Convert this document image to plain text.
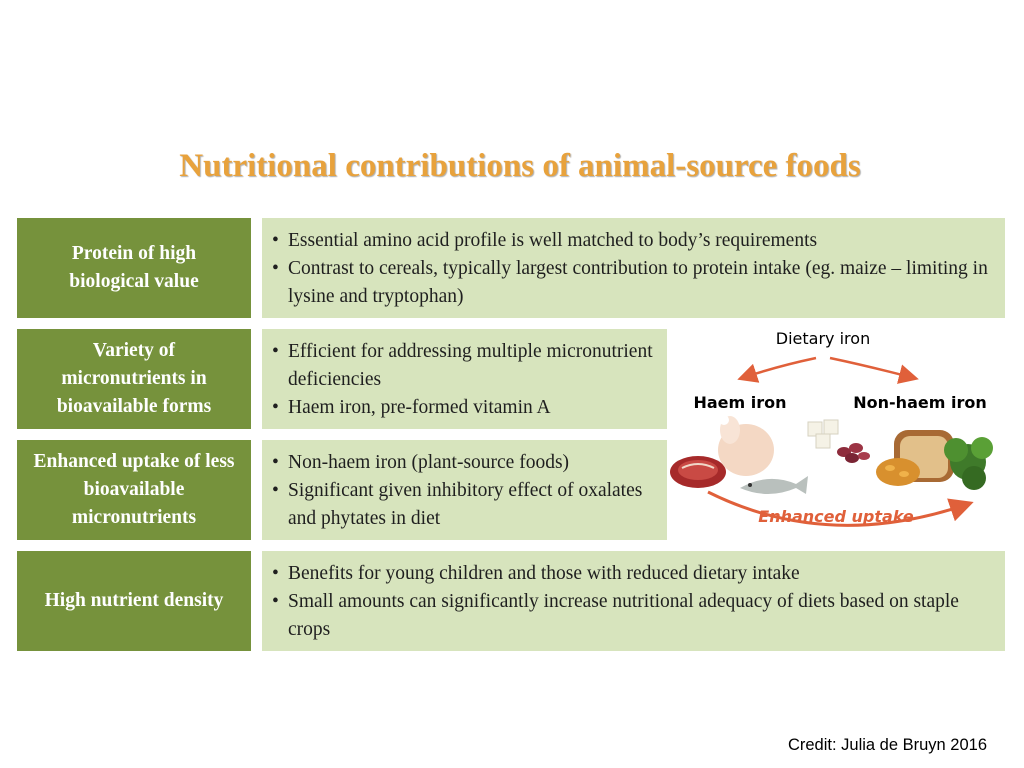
Nutritional contributions of animal-source foods
Protein of high biological value
• Essential amino acid profile is well matched to body’s requirements
• Contrast to cereals, typically largest contribution to protein intake (eg. maize – limiting in lysine and tryptophan)
Variety of micronutrients in bioavailable forms
• Efficient for addressing multiple micronutrient deficiencies
• Haem iron, pre-formed vitamin A
Enhanced uptake of less bioavailable micronutrients
• Non-haem iron (plant-source foods)
• Significant given inhibitory effect of oxalates and phytates in diet
High nutrient density
• Benefits for young children and those with reduced dietary intake
• Small amounts can significantly increase nutritional adequacy of diets based on staple crops
Dietary iron
Haem iron	Non-haem iron
Enhanced uptake
Credit: Julia de Bruyn 2016
